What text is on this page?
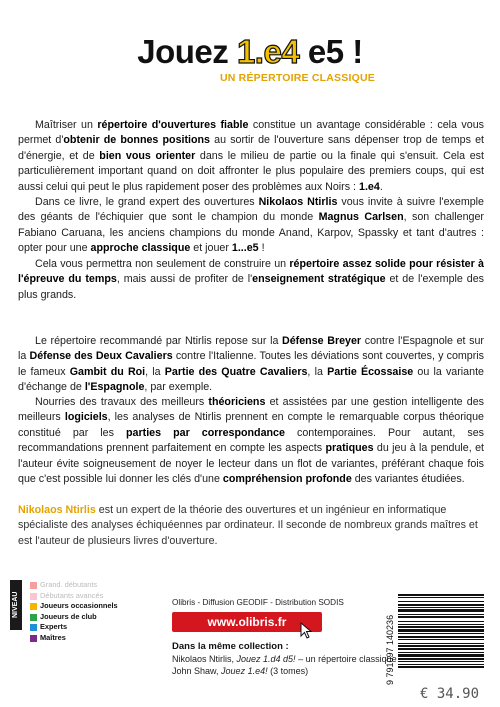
Jouez 1.e4 e5 !
UN RÉPERTOIRE CLASSIQUE

Maîtriser un répertoire d'ouvertures fiable constitue un avantage considérable : cela vous permet d'obtenir de bonnes positions au sortir de l'ouverture sans dépenser trop de temps et d'énergie, et de bien vous orienter dans le milieu de partie ou la finale qui s'ensuit. Cela est particulièrement important quand on doit affronter le plus populaire des premiers coups, qui est aussi celui qui peut le plus rapidement poser des problèmes aux Noirs : 1.e4.

Dans ce livre, le grand expert des ouvertures Nikolaos Ntirlis vous invite à suivre l'exemple des géants de l'échiquier que sont le champion du monde Magnus Carlsen, son challenger Fabiano Caruana, les anciens champions du monde Anand, Karpov, Spassky et tant d'autres : opter pour une approche classique et jouer 1...e5 !

Cela vous permettra non seulement de construire un répertoire assez solide pour résister à l'épreuve du temps, mais aussi de profiter de l'enseignement stratégique et de l'exemple des plus grands.

Le répertoire recommandé par Ntirlis repose sur la Défense Breyer contre l'Espagnole et sur la Défense des Deux Cavaliers contre l'Italienne. Toutes les déviations sont couvertes, y compris le fameux Gambit du Roi, la Partie des Quatre Cavaliers, la Partie Écossaise ou la variante d'échange de l'Espagnole, par exemple.

Nourries des travaux des meilleurs théoriciens et assistées par une gestion intelligente des meilleurs logiciels, les analyses de Ntirlis prennent en compte le remarquable corpus théorique constitué par les parties par correspondance contemporaines. Pour autant, ses recommandations prennent parfaitement en compte les aspects pratiques du jeu à la pendule, et l'auteur évite soigneusement de noyer le lecteur dans un flot de variantes, préférant chaque fois que c'est possible lui donner les clés d'une compréhension profonde des variantes étudiées.

Nikolaos Ntirlis est un expert de la théorie des ouvertures et un ingénieur en informatique spécialiste des analyses échiquéennes par ordinateur. Il seconde de nombreux grands maîtres et est l'auteur de plusieurs livres d'ouverture.

NIVEAU
Grand. débutants
Débutants avancés
Joueurs occasionnels
Joueurs de club
Experts
Maîtres
Olibris - Diffusion GEODIF - Distribution SODIS
www.olibris.fr
Dans la même collection :
Nikolaos Ntirlis, Jouez 1.d4 d5! – un répertoire classique
John Shaw, Jouez 1.e4! (3 tomes)	9 791097 140236
€ 34.90
